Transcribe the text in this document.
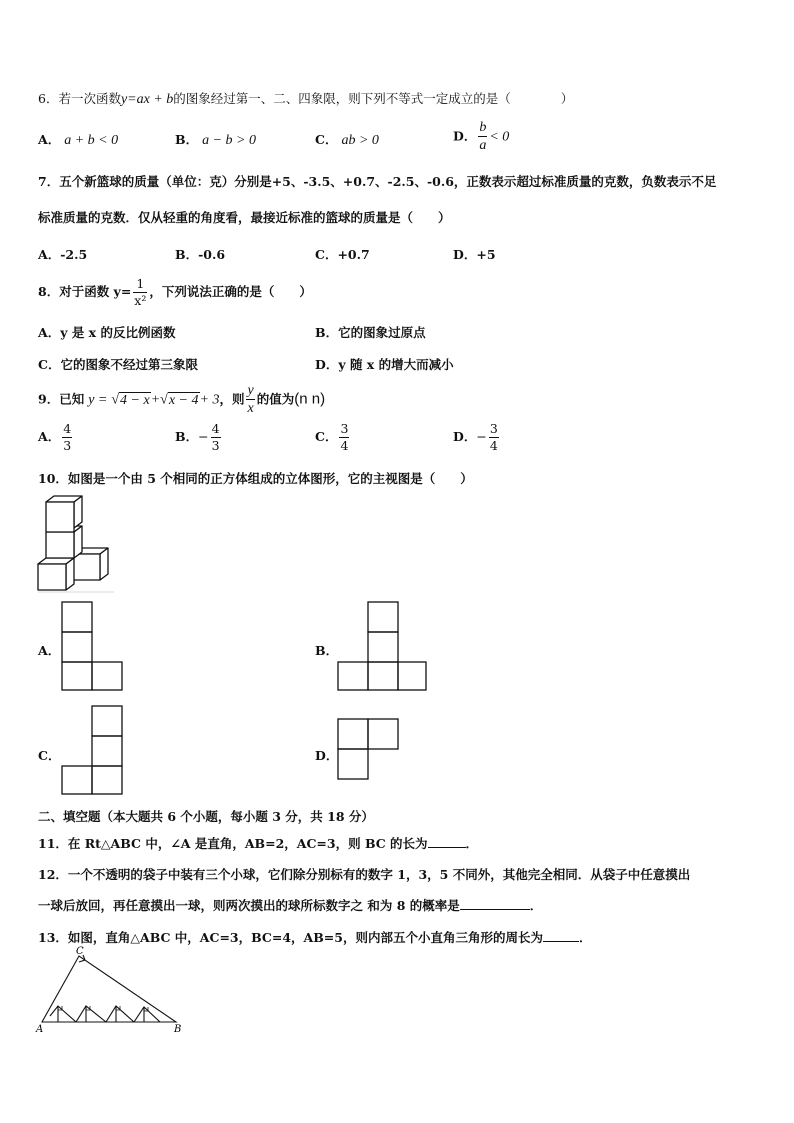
6．若一次函数y=ax + b的图象经过第一、二、四象限，则下列不等式一定成立的是（　　　　）
A． a + b < 0	B． a − b > 0	C． ab > 0	D． $\frac{b}{a} < 0$
7．五个新篮球的质量（单位：克）分别是+5、-3.5、+0.7、-2.5、-0.6，正数表示超过标准质量的克数，负数表示不足
标准质量的克数．仅从轻重的角度看，最接近标准的篮球的质量是（　　）
A．-2.5	B．-0.6	C．+0.7	D．+5
8．对于函数 $y= \frac{1}{\text{x²}}$ ，下列说法正确的是（　　）
A．y 是 x 的反比例函数	B．它的图象过原点
C．它的图象不经过第三象限	D．y 随 x 的增大而减小
9．已知 y = √4 − x+√x − 4+ 3，则 $\frac{y}{x}$ 的值为(n n)
A． $\frac{4}{3}$	B．− $\frac{4}{3}$	C． $\frac{3}{4}$	D．− $\frac{3}{4}$
10．如图是一个由 5 个相同的正方体组成的立体图形，它的主视图是（　　）
A．	B．
C．	D．
二、填空题（本大题共 6 个小题，每小题 3 分，共 18 分）
11．在 Rt△ABC 中，∠A 是直角，AB=2，AC=3，则 BC 的长为	．
12．一个不透明的袋子中装有三个小球，它们除分别标有的数字 1，3，5 不同外，其他完全相同．从袋子中任意摸出
一球后放回，再任意摸出一球，则两次摸出的球所标数字之 和为 8 的概率是	．
13．如图，直角△ABC 中，AC=3，BC=4，AB=5，则内部五个小直角三角形的周长为	．
A	B
C
